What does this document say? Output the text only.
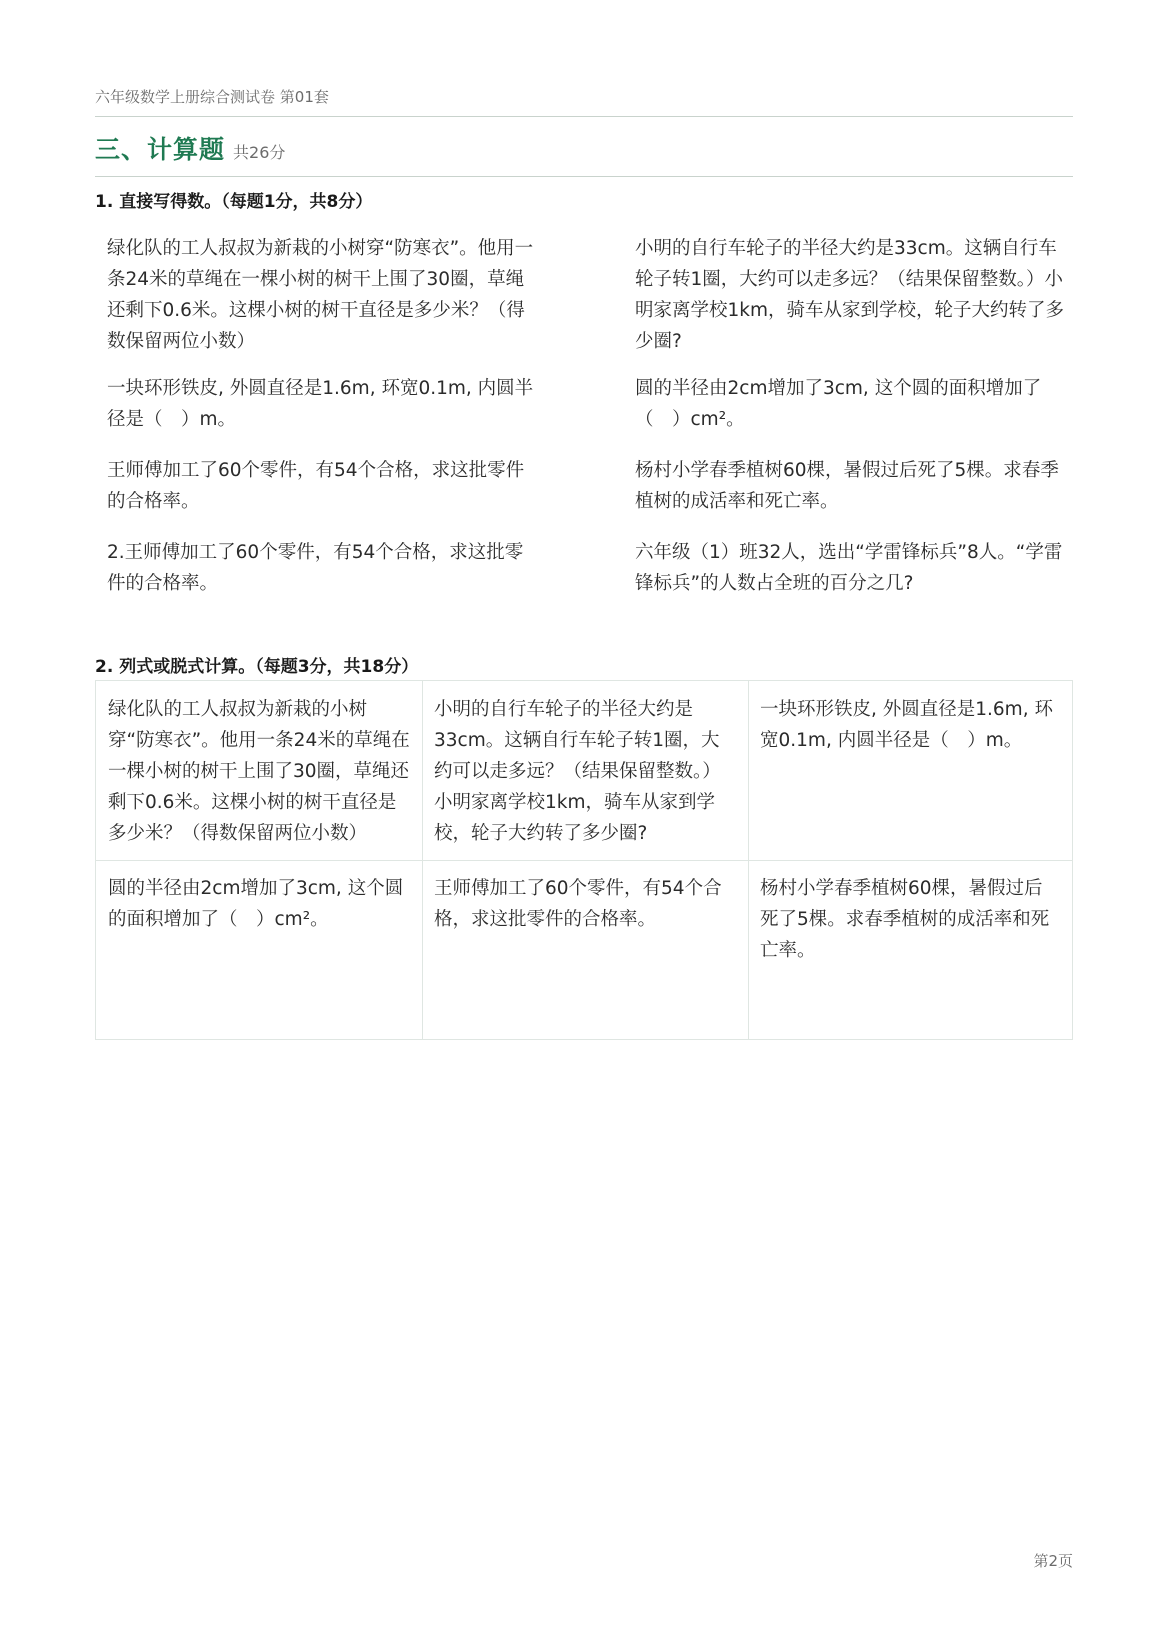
六年级数学上册综合测试卷 第01套
三、计算题 共26分
1. 直接写得数。（每题1分，共8分）
绿化队的工人叔叔为新栽的小树穿“防寒衣”。他用一条24米的草绳在一棵小树的树干上围了30圈，草绳还剩下0.6米。这棵小树的树干直径是多少米？（得数保留两位小数）
一块环形铁皮, 外圆直径是1.6m, 环宽0.1m, 内圆半径是（　）m。
王师傅加工了60个零件，有54个合格，求这批零件的合格率。
2.王师傅加工了60个零件，有54个合格，求这批零件的合格率。
小明的自行车轮子的半径大约是33cm。这辆自行车轮子转1圈，大约可以走多远？（结果保留整数。）小明家离学校1km，骑车从家到学校，轮子大约转了多少圈?
圆的半径由2cm增加了3cm, 这个圆的面积增加了（　）cm²。
杨村小学春季植树60棵，暑假过后死了5棵。求春季植树的成活率和死亡率。
六年级（1）班32人，选出“学雷锋标兵”8人。“学雷锋标兵”的人数占全班的百分之几?
2. 列式或脱式计算。（每题3分，共18分）
绿化队的工人叔叔为新栽的小树穿“防寒衣”。他用一条24米的草绳在一棵小树的树干上围了30圈，草绳还剩下0.6米。这棵小树的树干直径是多少米？（得数保留两位小数）
小明的自行车轮子的半径大约是33cm。这辆自行车轮子转1圈，大约可以走多远？（结果保留整数。）小明家离学校1km，骑车从家到学校，轮子大约转了多少圈?
一块环形铁皮, 外圆直径是1.6m, 环宽0.1m, 内圆半径是（　）m。
圆的半径由2cm增加了3cm, 这个圆的面积增加了（　）cm²。
王师傅加工了60个零件，有54个合格，求这批零件的合格率。
杨村小学春季植树60棵，暑假过后死了5棵。求春季植树的成活率和死亡率。
第2页
